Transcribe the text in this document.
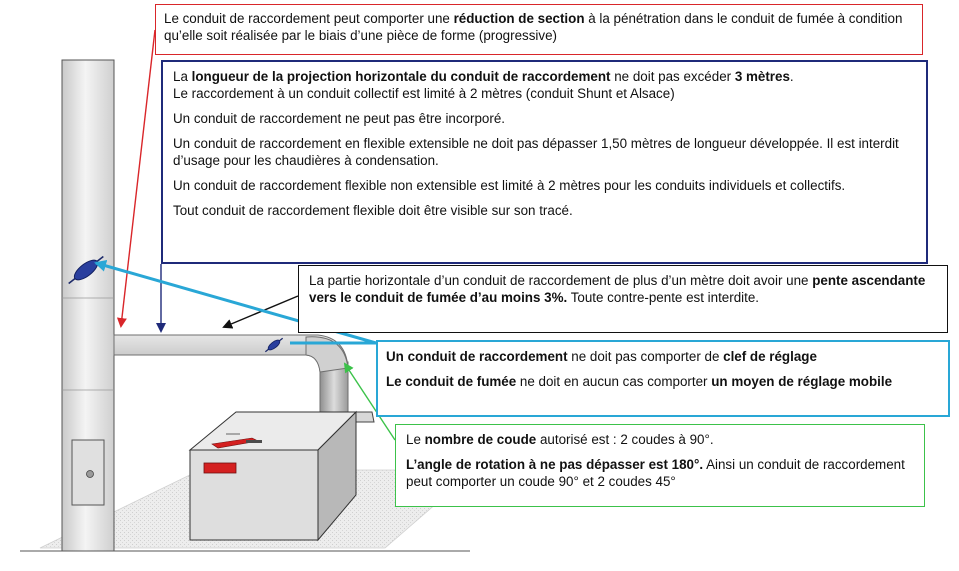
Le conduit de raccordement peut comporter une réduction de section à la pénétration dans le conduit de fumée à condition qu’elle soit réalisée par le biais d’une pièce de forme (progressive)

La longueur de la projection horizontale du conduit de raccordement ne doit pas excéder 3 mètres.
Le raccordement à un conduit collectif est limité à 2 mètres (conduit Shunt et Alsace)

Un conduit de raccordement ne peut pas être incorporé.

Un conduit de raccordement en flexible extensible ne doit pas dépasser 1,50 mètres de longueur développée. Il est interdit d’usage pour les chaudières à condensation.

Un conduit de raccordement flexible non extensible est limité à 2 mètres pour les conduits individuels et collectifs.

Tout conduit de raccordement flexible doit être visible sur son tracé.

La partie horizontale d’un conduit de raccordement de plus d’un mètre doit avoir une pente ascendante vers le conduit de fumée d’au moins 3%. Toute contre-pente est interdite.

Un conduit de raccordement ne doit pas comporter de clef de réglage

Le conduit de fumée ne doit en aucun cas comporter un moyen de réglage mobile

Le nombre de coude autorisé est : 2 coudes à 90°.

L’angle de rotation à ne pas dépasser est 180°. Ainsi un conduit de raccordement peut comporter un coude 90° et 2 coudes 45°
